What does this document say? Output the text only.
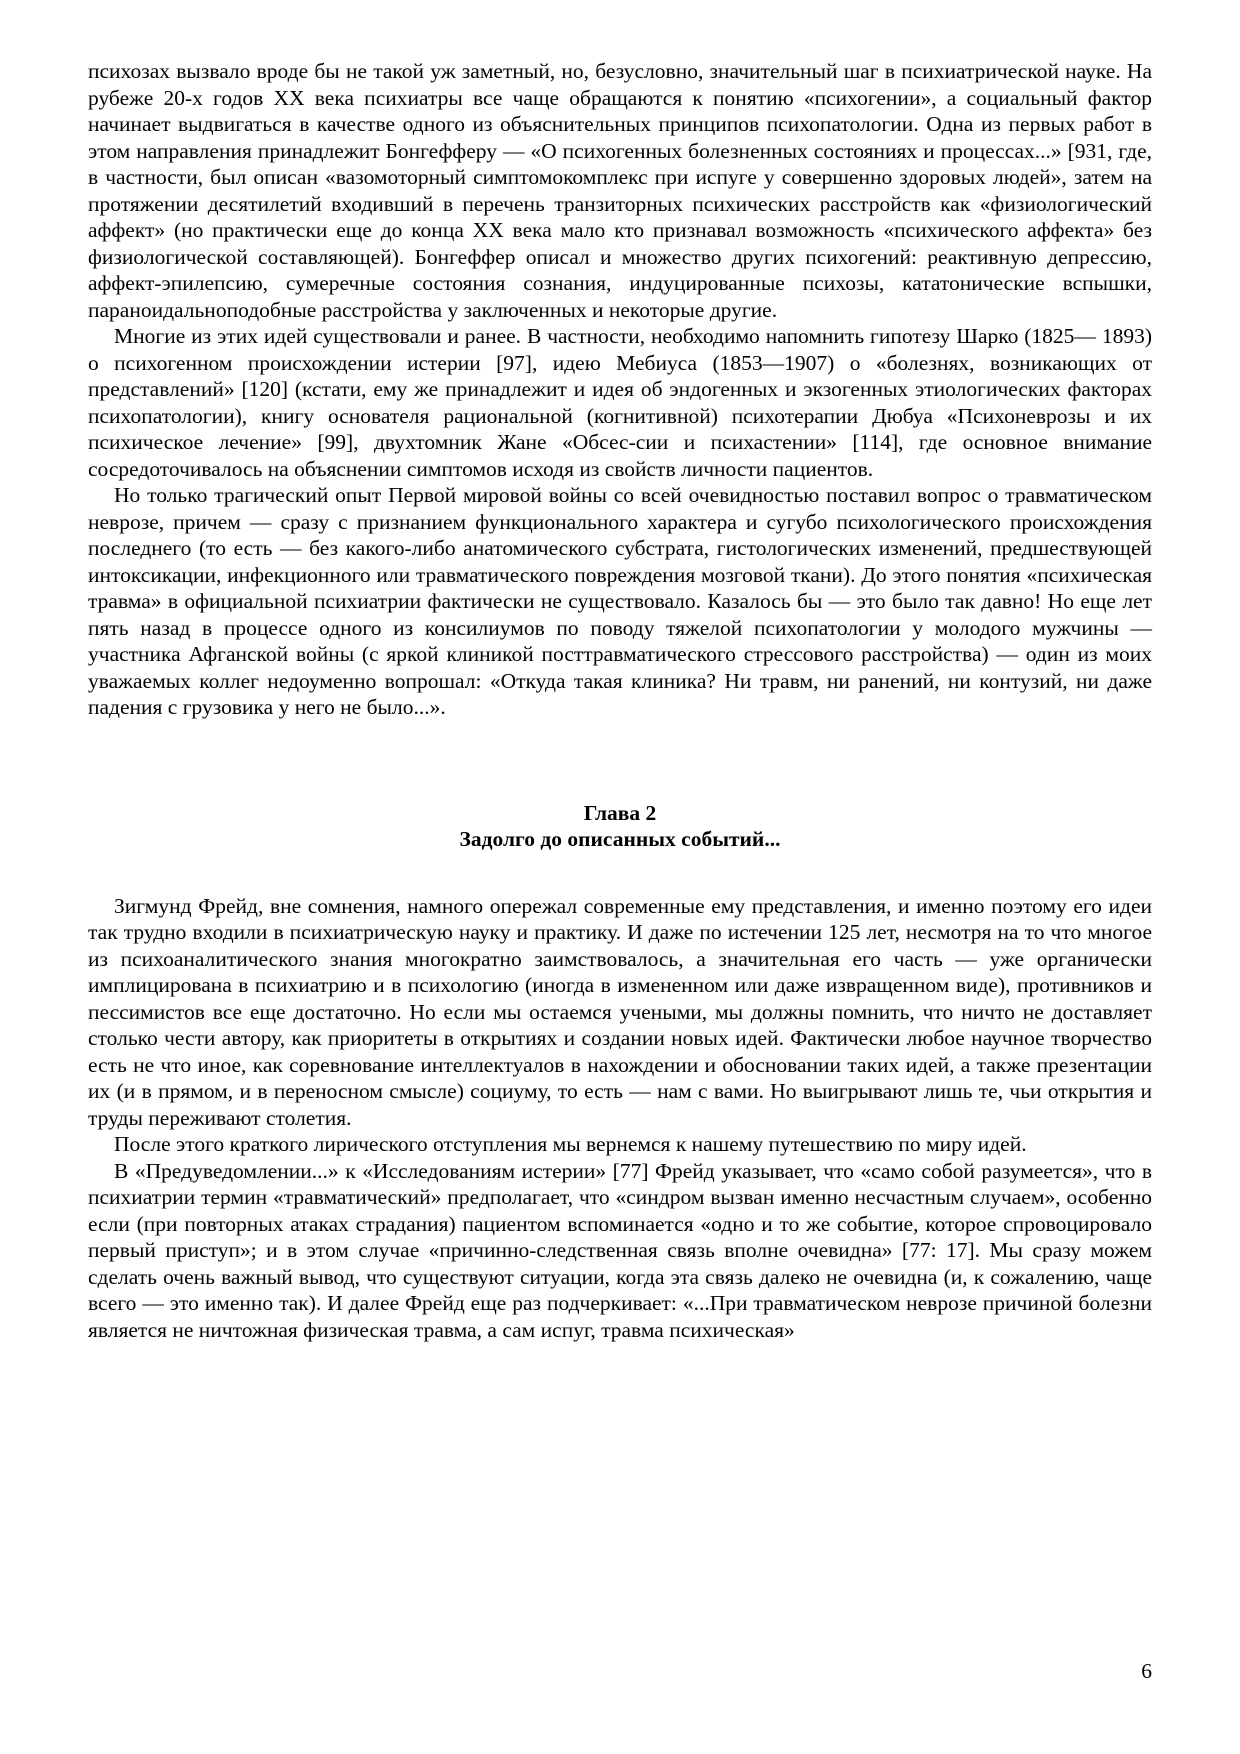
психозах вызвало вроде бы не такой уж заметный, но, безусловно, значительный шаг в психиатрической науке. На рубеже 20-х годов XX века психиатры все чаще обращаются к понятию «психогении», а социальный фактор начинает выдвигаться в качестве одного из объяснительных принципов психопатологии. Одна из первых работ в этом направления принадлежит Бонгефферу — «О психогенных болезненных состояниях и процессах...» [931, где, в частности, был описан «вазомоторный симптомокомплекс при испуге у совершенно здоровых людей», затем на протяжении десятилетий входивший в перечень транзиторных психических расстройств как «физиологический аффект» (но практически еще до конца XX века мало кто признавал возможность «психического аффекта» без физиологической составляющей). Бонгеффер описал и множество других психогений: реактивную депрессию, аффект-эпилепсию, сумеречные состояния сознания, индуцированные психозы, кататонические вспышки, параноидальноподобные расстройства у заключенных и некоторые другие.

Многие из этих идей существовали и ранее. В частности, необходимо напомнить гипотезу Шарко (1825— 1893) о психогенном происхождении истерии [97], идею Мебиуса (1853—1907) о «болезнях, возникающих от представлений» [120] (кстати, ему же принадлежит и идея об эндогенных и экзогенных этиологических факторах психопатологии), книгу основателя рациональной (когнитивной) психотерапии Дюбуа «Психоневрозы и их психическое лечение» [99], двухтомник Жане «Обсес-сии и психастении» [114], где основное внимание сосредоточивалось на объяснении симптомов исходя из свойств личности пациентов.

Но только трагический опыт Первой мировой войны со всей очевидностью поставил вопрос о травматическом неврозе, причем — сразу с признанием функционального характера и сугубо психологического происхождения последнего (то есть — без какого-либо анатомического субстрата, гистологических изменений, предшествующей интоксикации, инфекционного или травматического повреждения мозговой ткани). До этого понятия «психическая травма» в официальной психиатрии фактически не существовало. Казалось бы — это было так давно! Но еще лет пять назад в процессе одного из консилиумов по поводу тяжелой психопатологии у молодого мужчины — участника Афганской войны (с яркой клиникой посттравматического стрессового расстройства) — один из моих уважаемых коллег недоуменно вопрошал: «Откуда такая клиника? Ни травм, ни ранений, ни контузий, ни даже падения с грузовика у него не было...».

Глава 2
Задолго до описанных событий...

Зигмунд Фрейд, вне сомнения, намного опережал современные ему представления, и именно поэтому его идеи так трудно входили в психиатрическую науку и практику. И даже по истечении 125 лет, несмотря на то что многое из психоаналитического знания многократно заимствовалось, а значительная его часть — уже органически имплицирована в психиатрию и в психологию (иногда в измененном или даже извращенном виде), противников и пессимистов все еще достаточно. Но если мы остаемся учеными, мы должны помнить, что ничто не доставляет столько чести автору, как приоритеты в открытиях и создании новых идей. Фактически любое научное творчество есть не что иное, как соревнование интеллектуалов в нахождении и обосновании таких идей, а также презентации их (и в прямом, и в переносном смысле) социуму, то есть — нам с вами. Но выигрывают лишь те, чьи открытия и труды переживают столетия.

После этого краткого лирического отступления мы вернемся к нашему путешествию по миру идей.

В «Предуведомлении...» к «Исследованиям истерии» [77] Фрейд указывает, что «само собой разумеется», что в психиатрии термин «травматический» предполагает, что «синдром вызван именно несчастным случаем», особенно если (при повторных атаках страдания) пациентом вспоминается «одно и то же событие, которое спровоцировало первый приступ»; и в этом случае «причинно-следственная связь вполне очевидна» [77: 17]. Мы сразу можем сделать очень важный вывод, что существуют ситуации, когда эта связь далеко не очевидна (и, к сожалению, чаще всего — это именно так). И далее Фрейд еще раз подчеркивает: «...При травматическом неврозе причиной болезни является не ничтожная физическая травма, а сам испуг, травма психическая»

6
